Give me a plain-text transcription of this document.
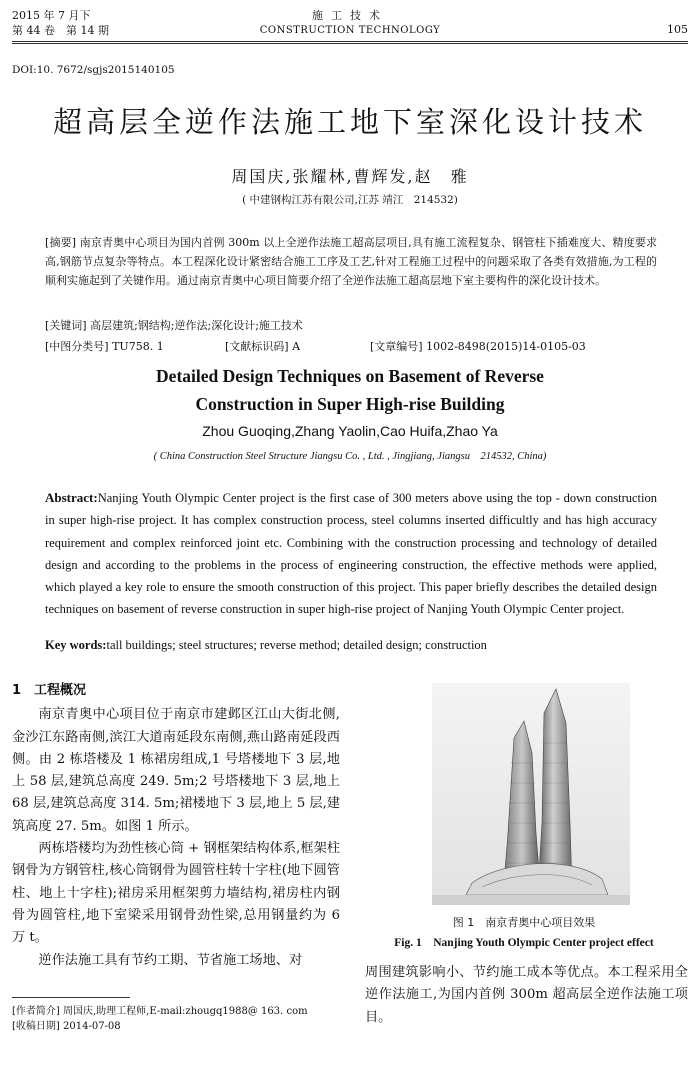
2015 年 7 月下
第 44 卷　第 14 期
施工技术
CONSTRUCTION TECHNOLOGY	105
DOI:10. 7672/sgjs2015140105
超高层全逆作法施工地下室深化设计技术
周国庆,张耀林,曹辉发,赵　雅
( 中建钢构江苏有限公司,江苏 靖江　214532)
[摘要] 南京青奥中心项目为国内首例 300m 以上全逆作法施工超高层项目,具有施工流程复杂、钢管柱下插难度大、精度要求高,钢筋节点复杂等特点。本工程深化设计紧密结合施工工序及工艺,针对工程施工过程中的问题采取了各类有效措施,为工程的顺利实施起到了关键作用。通过南京青奥中心项目简要介绍了全逆作法施工超高层地下室主要构件的深化设计技术。
[关键词] 高层建筑;钢结构;逆作法;深化设计;施工技术
[中图分类号] TU758. 1	[文献标识码] A	[文章编号] 1002-8498(2015)14-0105-03
Detailed Design Techniques on Basement of Reverse
Construction in Super High-rise Building
Zhou Guoqing,Zhang Yaolin,Cao Huifa,Zhao Ya
( China Construction Steel Structure Jiangsu Co. , Ltd. , Jingjiang, Jiangsu　214532, China)
Abstract:Nanjing Youth Olympic Center project is the first case of 300 meters above using the top - down construction in super high-rise project. It has complex construction process, steel columns inserted difficultly and has high accuracy requirement and complex reinforced joint etc. Combining with the construction processing and technology of detailed design and according to the problems in the process of engineering construction, the effective methods were applied, which played a key role to ensure the smooth construction of this project. This paper briefly describes the detailed design techniques on basement of reverse construction in super high-rise project of Nanjing Youth Olympic Center project.
Key words:tall buildings; steel structures; reverse method; detailed design; construction
1　工程概况

南京青奥中心项目位于南京市建邺区江山大街北侧,金沙江东路南侧,滨江大道南延段东南侧,燕山路南延段西侧。由 2 栋塔楼及 1 栋裙房组成,1 号塔楼地下 3 层,地上 58 层,建筑总高度 249. 5m;2 号塔楼地下 3 层,地上 68 层,建筑总高度 314. 5m;裙楼地下 3 层,地上 5 层,建筑高度 27. 5m。如图 1 所示。

两栋塔楼均为劲性核心筒 + 钢框架结构体系,框架柱钢骨为方钢管柱,核心筒钢骨为圆管柱转十字柱(地下圆管柱、地上十字柱);裙房采用框架剪力墙结构,裙房柱内钢骨为圆管柱,地下室梁采用钢骨劲性梁,总用钢量约为 6 万 t。

逆作法施工具有节约工期、节省施工场地、对

图 1　南京青奥中心项目效果
Fig. 1　Nanjing Youth Olympic Center project effect
周围建筑影响小、节约施工成本等优点。本工程采用全逆作法施工,为国内首例 300m 超高层全逆作法施工项目。
[作者简介] 周国庆,助理工程师,E-mail:zhougq1988@ 163. com
[收稿日期] 2014-07-08
